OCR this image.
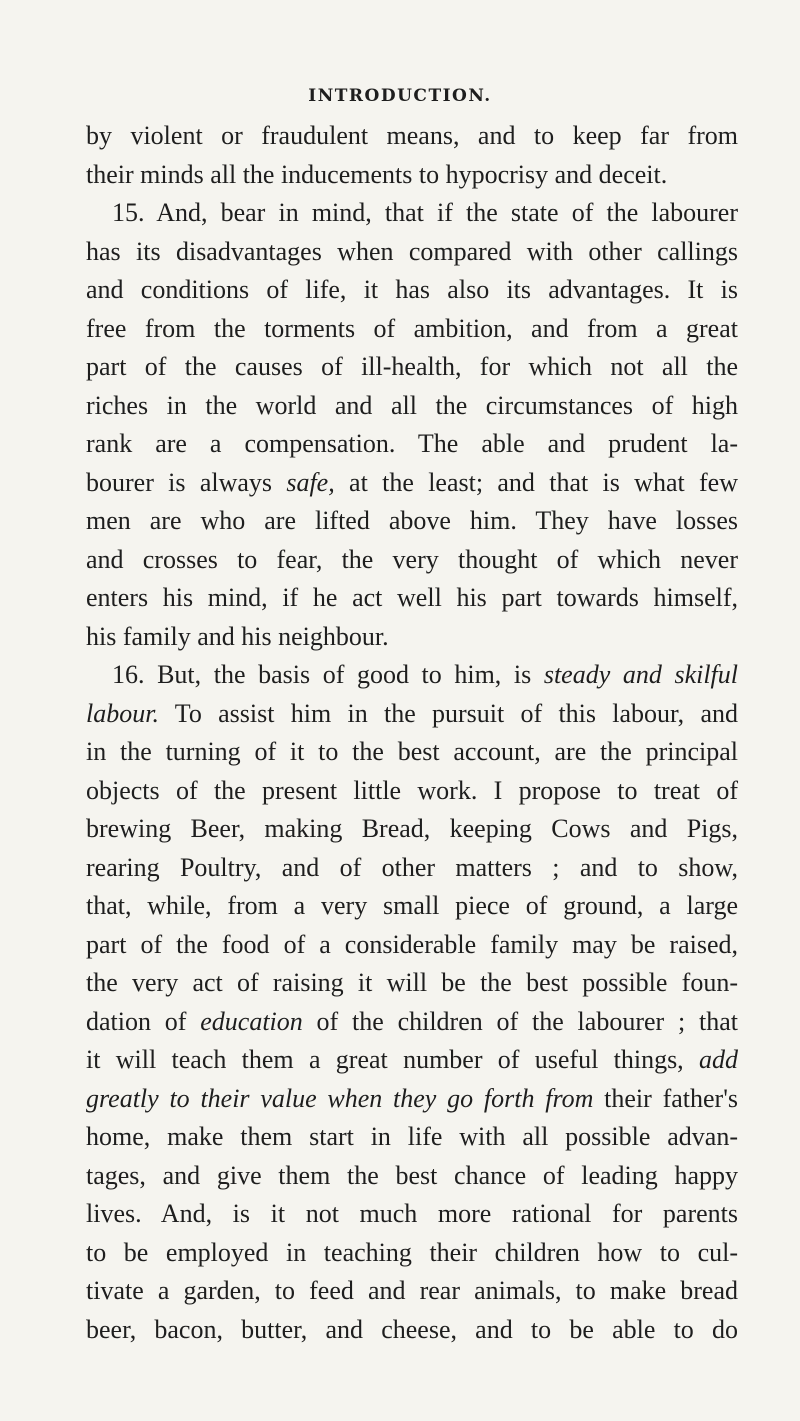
INTRODUCTION.
by violent or fraudulent means, and to keep far from
their minds all the inducements to hypocrisy and deceit.
15. And, bear in mind, that if the state of the labourer
has its disadvantages when compared with other callings
and conditions of life, it has also its advantages. It is
free from the torments of ambition, and from a great
part of the causes of ill-health, for which not all the
riches in the world and all the circumstances of high
rank are a compensation. The able and prudent la-
bourer is always safe, at the least; and that is what few
men are who are lifted above him. They have losses
and crosses to fear, the very thought of which never
enters his mind, if he act well his part towards himself,
his family and his neighbour.
16. But, the basis of good to him, is steady and skilful
labour. To assist him in the pursuit of this labour, and
in the turning of it to the best account, are the principal
objects of the present little work. I propose to treat of
brewing Beer, making Bread, keeping Cows and Pigs,
rearing Poultry, and of other matters ; and to show,
that, while, from a very small piece of ground, a large
part of the food of a considerable family may be raised,
the very act of raising it will be the best possible foun-
dation of education of the children of the labourer ; that
it will teach them a great number of useful things, add
greatly to their value when they go forth from their father's
home, make them start in life with all possible advan-
tages, and give them the best chance of leading happy
lives. And, is it not much more rational for parents
to be employed in teaching their children how to cul-
tivate a garden, to feed and rear animals, to make bread
beer, bacon, butter, and cheese, and to be able to do
